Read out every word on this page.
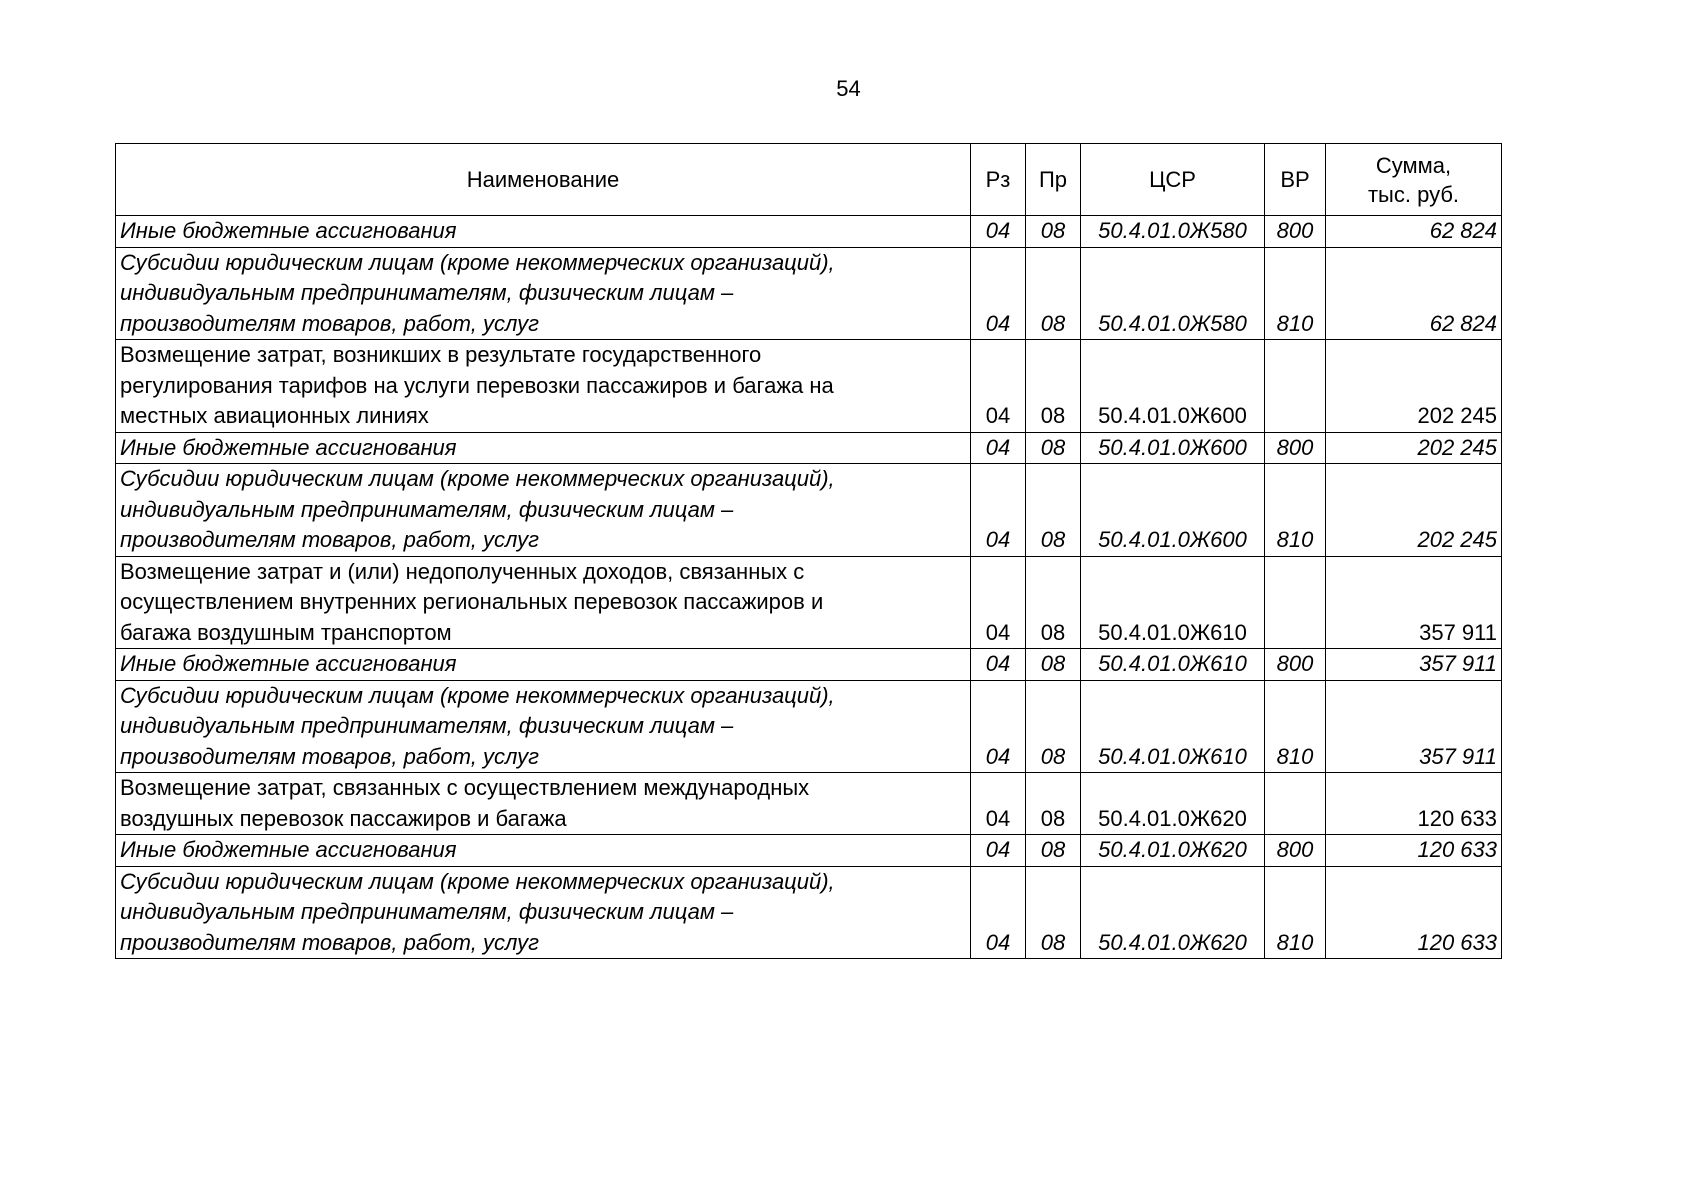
54
Наименование	Рз	Пр	ЦСР	ВР	Сумма,
тыс. руб.

Иные бюджетные ассигнования	04	08	50.4.01.0Ж580	800	62 824

Субсидии юридическим лицам (кроме некоммерческих организаций),
индивидуальным предпринимателям, физическим лицам –
производителям товаров, работ, услуг	04	08	50.4.01.0Ж580	810	62 824

Возмещение затрат, возникших в результате государственного
регулирования тарифов на услуги перевозки пассажиров и багажа на
местных авиационных линиях	04	08	50.4.01.0Ж600		202 245

Иные бюджетные ассигнования	04	08	50.4.01.0Ж600	800	202 245

Субсидии юридическим лицам (кроме некоммерческих организаций),
индивидуальным предпринимателям, физическим лицам –
производителям товаров, работ, услуг	04	08	50.4.01.0Ж600	810	202 245

Возмещение затрат и (или) недополученных доходов, связанных с
осуществлением внутренних региональных перевозок пассажиров и
багажа воздушным транспортом	04	08	50.4.01.0Ж610		357 911

Иные бюджетные ассигнования	04	08	50.4.01.0Ж610	800	357 911

Субсидии юридическим лицам (кроме некоммерческих организаций),
индивидуальным предпринимателям, физическим лицам –
производителям товаров, работ, услуг	04	08	50.4.01.0Ж610	810	357 911

Возмещение затрат, связанных с осуществлением международных
воздушных перевозок пассажиров и багажа	04	08	50.4.01.0Ж620		120 633

Иные бюджетные ассигнования	04	08	50.4.01.0Ж620	800	120 633

Субсидии юридическим лицам (кроме некоммерческих организаций),
индивидуальным предпринимателям, физическим лицам –
производителям товаров, работ, услуг	04	08	50.4.01.0Ж620	810	120 633
